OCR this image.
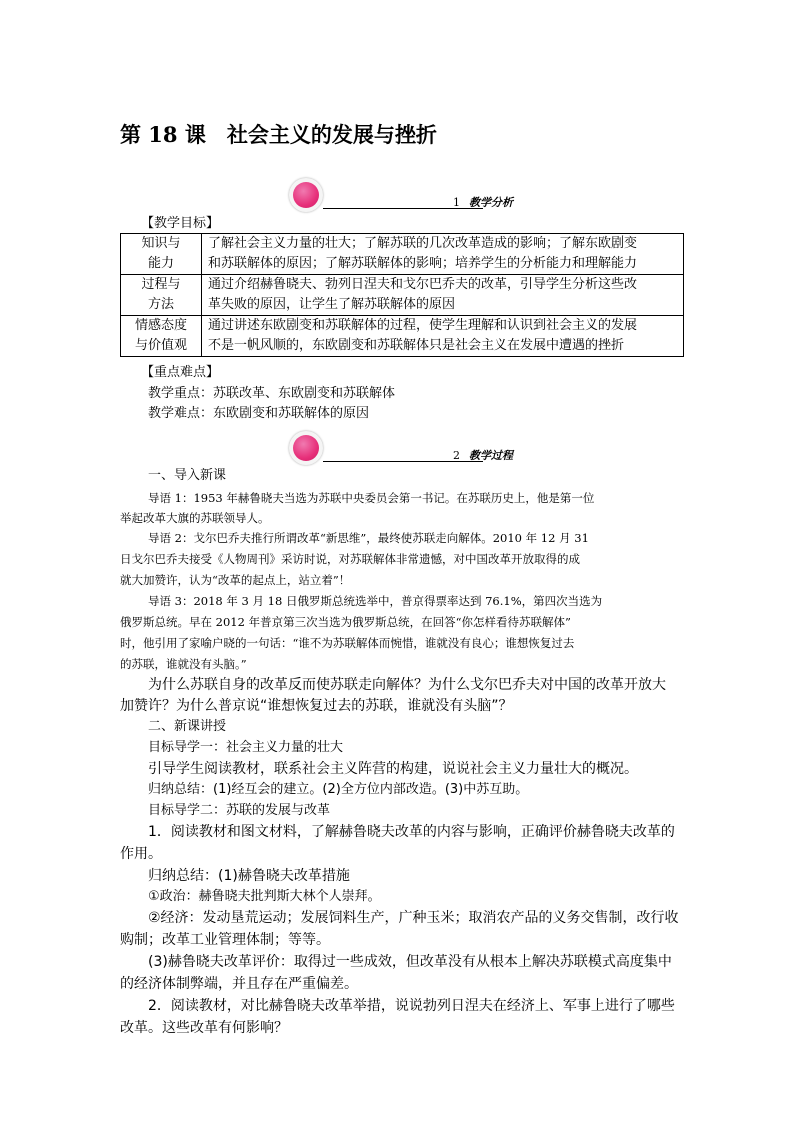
第 18 课　社会主义的发展与挫折
1 教学分析
【教学目标】
知识与
能力	了解社会主义力量的壮大；了解苏联的几次改革造成的影响；了解东欧剧变
和苏联解体的原因；了解苏联解体的影响；培养学生的分析能力和理解能力

过程与
方法	通过介绍赫鲁晓夫、勃列日涅夫和戈尔巴乔夫的改革，引导学生分析这些改
革失败的原因，让学生了解苏联解体的原因

情感态度
与价值观	通过讲述东欧剧变和苏联解体的过程，使学生理解和认识到社会主义的发展
不是一帆风顺的，东欧剧变和苏联解体只是社会主义在发展中遭遇的挫折
【重点难点】
教学重点：苏联改革、东欧剧变和苏联解体
教学难点：东欧剧变和苏联解体的原因
2 教学过程
一、导入新课
导语 1：1953 年赫鲁晓夫当选为苏联中央委员会第一书记。在苏联历史上，他是第一位
举起改革大旗的苏联领导人。
导语 2：戈尔巴乔夫推行所谓改革“新思维”，最终使苏联走向解体。2010 年 12 月 31
日戈尔巴乔夫接受《人物周刊》采访时说，对苏联解体非常遗憾，对中国改革开放取得的成
就大加赞许，认为“改革的起点上，站立着”！
导语 3：2018 年 3 月 18 日俄罗斯总统选举中，普京得票率达到 76.1%，第四次当选为
俄罗斯总统。早在 2012 年普京第三次当选为俄罗斯总统，在回答“你怎样看待苏联解体”
时，他引用了家喻户晓的一句话：“谁不为苏联解体而惋惜，谁就没有良心；谁想恢复过去
的苏联，谁就没有头脑。”
为什么苏联自身的改革反而使苏联走向解体？为什么戈尔巴乔夫对中国的改革开放大
加赞许？为什么普京说“谁想恢复过去的苏联，谁就没有头脑”？
二、新课讲授
目标导学一：社会主义力量的壮大
引导学生阅读教材，联系社会主义阵营的构建，说说社会主义力量壮大的概况。
归纳总结：(1)经互会的建立。(2)全方位内部改造。(3)中苏互助。
目标导学二：苏联的发展与改革
1．阅读教材和图文材料，了解赫鲁晓夫改革的内容与影响，正确评价赫鲁晓夫改革的
作用。
归纳总结：(1)赫鲁晓夫改革措施
①政治：赫鲁晓夫批判斯大林个人崇拜。
②经济：发动垦荒运动；发展饲料生产，广种玉米；取消农产品的义务交售制，改行收
购制；改革工业管理体制；等等。
(3)赫鲁晓夫改革评价：取得过一些成效，但改革没有从根本上解决苏联模式高度集中
的经济体制弊端，并且存在严重偏差。
2．阅读教材，对比赫鲁晓夫改革举措，说说勃列日涅夫在经济上、军事上进行了哪些
改革。这些改革有何影响？
